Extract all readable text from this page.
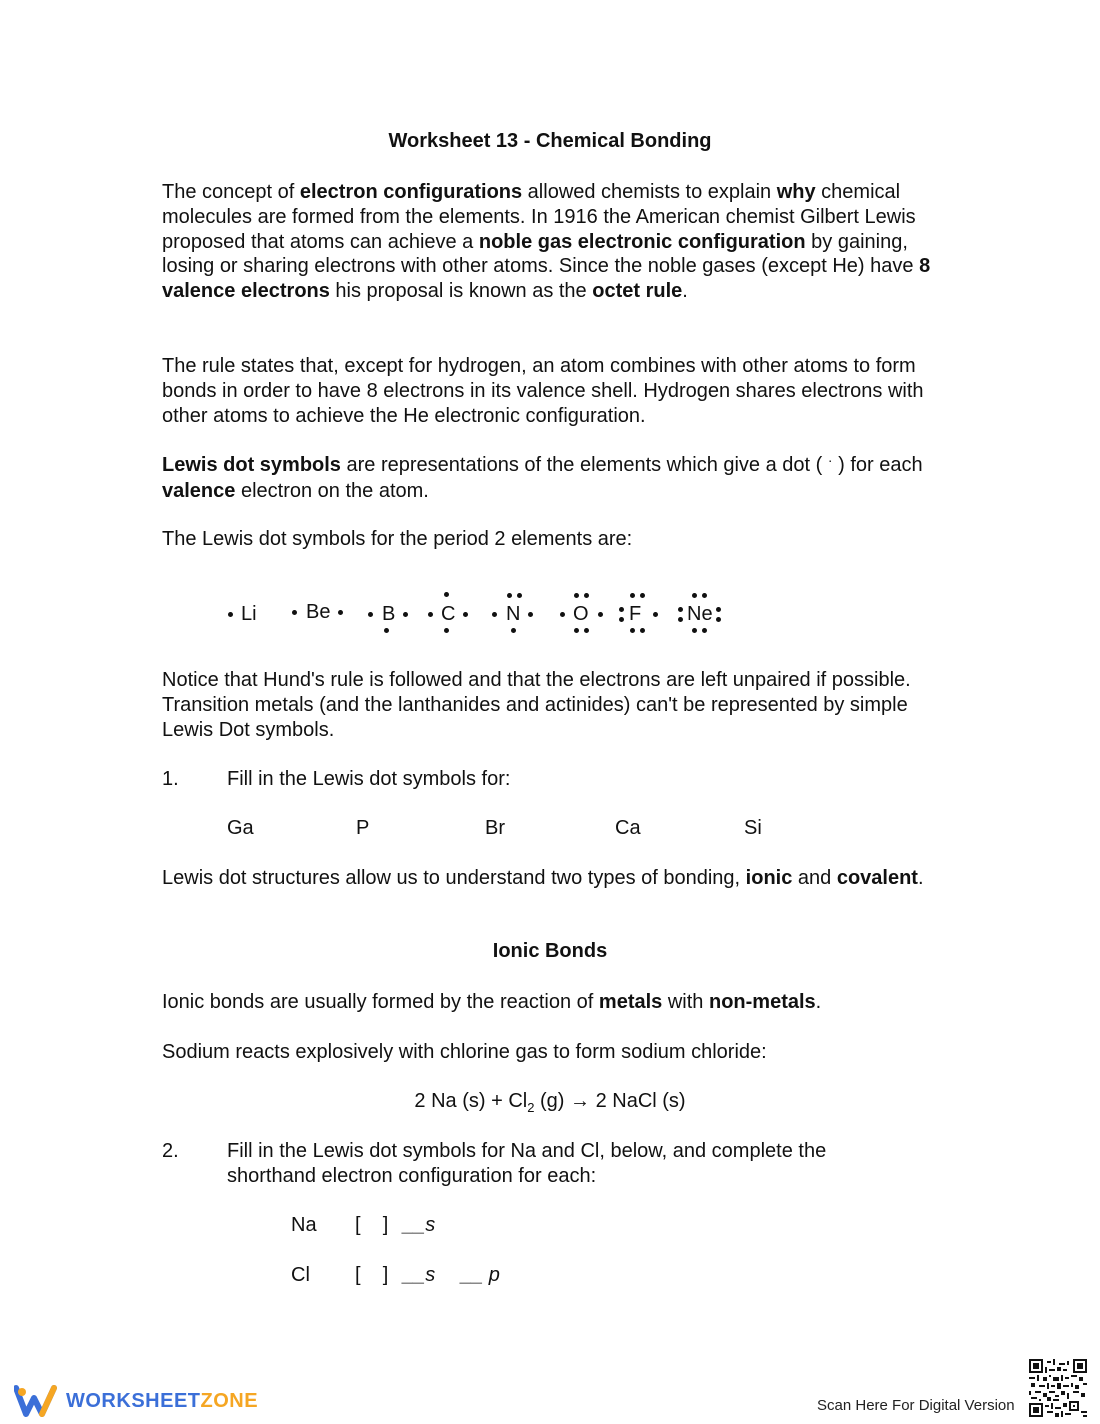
Worksheet 13 - Chemical Bonding
The concept of electron configurations allowed chemists to explain why chemical molecules are formed from the elements. In 1916 the American chemist Gilbert Lewis proposed that atoms can achieve a noble gas electronic configuration by gaining, losing or sharing electrons with other atoms. Since the noble gases (except He) have 8 valence electrons his proposal is known as the octet rule.
The rule states that, except for hydrogen, an atom combines with other atoms to form bonds in order to have 8 electrons in its valence shell. Hydrogen shares electrons with other atoms to achieve the He electronic configuration.
Lewis dot symbols are representations of the elements which give a dot ( · ) for each valence electron on the atom.
The Lewis dot symbols for the period 2 elements are:
Li Be	B C	N	O F Ne
Notice that Hund's rule is followed and that the electrons are left unpaired if possible. Transition metals (and the lanthanides and actinides) can't be represented by simple Lewis Dot symbols.
1. Fill in the Lewis dot symbols for:
Ga	P	Br	Ca	Si
Lewis dot structures allow us to understand two types of bonding, ionic and covalent.
Ionic Bonds
Ionic bonds are usually formed by the reaction of metals with non-metals.
Sodium reacts explosively with chlorine gas to form sodium chloride:
2 Na $(s) + Cl_2$ (g) → 2 NaCl (s)
2. Fill in the Lewis dot symbols for Na and Cl, below, and complete the shorthand electron configuration for each:
Na [    ] __s
Cl [    ] __s __ p
WORKSHEET ZONE	Scan Here For Digital Version
